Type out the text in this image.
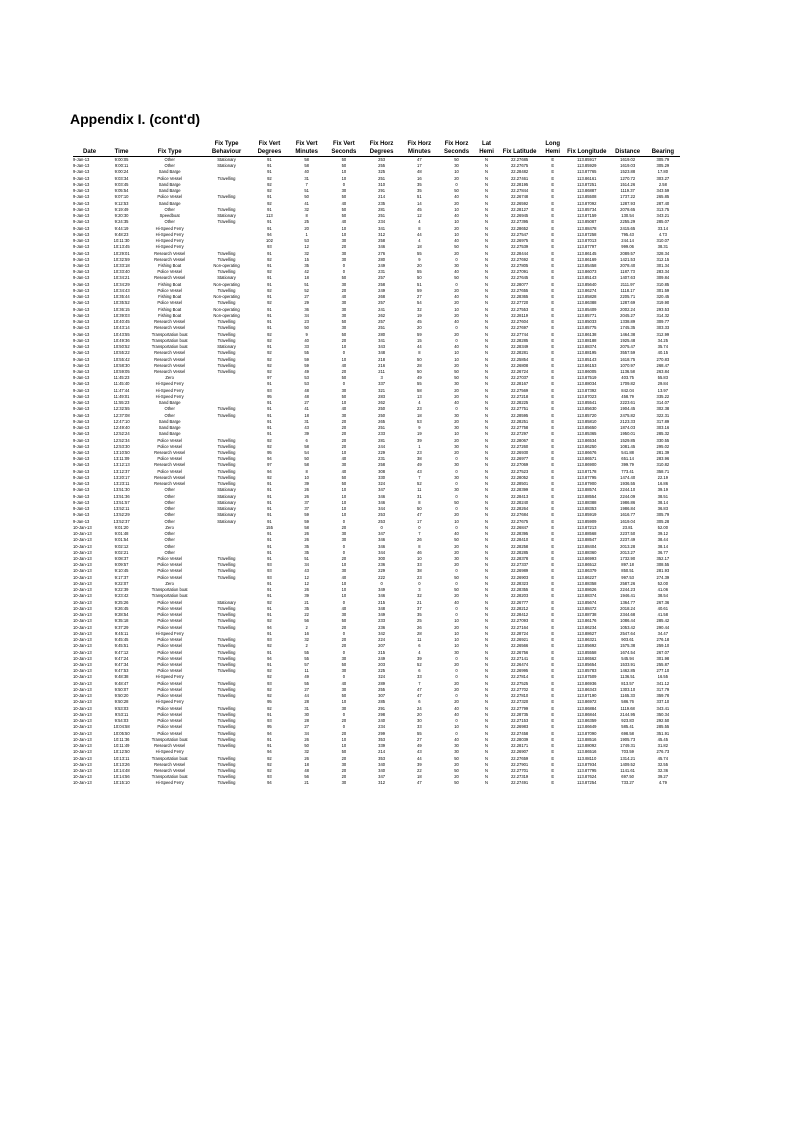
Appendix I. (cont'd)
Date	Time	Fix Type	Fix Type Behaviour	Fix Vert Degrees	Fix Vert Minutes	Fix Vert Seconds	Fix Horz Degrees	Fix Horz Minutes	Fix Horz Seconds	Lat Hemi	Fix Latitude	Long Hemi	Fix Longitude	Distance	Bearing
9-Jan-13	9:00:05	Other	Stationary	91	58	50	253	47	50	N	22.27685	E	113.85917	1619.02	305.79
9-Jan-13	9:00:11	Other	Stationary	91	58	50	255	17	30	N	22.27675	E	113.85929	1619.03	305.29
9-Jan-13	9:00:24	Sand Barge		91	40	10	325	48	10	N	22.28482	E	113.87765	1523.88	17.80
9-Jan-13	9:03:34	Police Vessel	Travelling	92	31	10	251	16	20	N	22.27461	E	113.86161	1270.72	303.27
9-Jan-13	9:03:45	Sand Barge		92	7	0	310	35	0	N	22.28195	E	113.87251	1514.26	2.58
9-Jan-13	9:05:54	Sand Barge		92	51	30	291	35	50	N	22.27844	E	113.86887	1119.37	343.59
9-Jan-13	9:07:10	Police Vessel	Travelling	91	50	50	214	51	40	N	22.26748	E	113.85508	1737.22	265.85
9-Jan-13	9:12:53	Sand Barge		92	41	40	235	14	20	N	22.26592	E	113.87092	1287.93	287.40
9-Jan-13	9:19:49	Other	Travelling	91	32	50	281	45	10	N	22.28127	E	113.85734	2078.65	313.75
9-Jan-13	9:20:30	Speedboat	Stationary	113	8	50	251	12	40	N	22.26945	E	113.87159	130.54	343.21
9-Jan-13	9:24:35	Other	Travelling	91	25	40	234	4	10	N	22.27395	E	113.85087	2255.29	285.07
9-Jan-13	9:44:19	Hi-Speed Ferry		91	20	10	341	8	20	N	22.28652	E	113.88478	2415.65	33.14
9-Jan-13	9:48:23	Hi-Speed Ferry		94	1	10	312	44	10	N	22.27547	E	113.87258	795.43	4.73
9-Jan-13	10:11:30	Hi-Speed Ferry		102	53	30	258	4	40	N	22.26975	E	113.87013	244.14	310.07
9-Jan-13	10:13:45	Hi-Speed Ferry		93	12	20	346	18	50	N	22.27539	E	113.87797	999.06	38.31
9-Jan-13	10:29:01	Research Vessel	Travelling	91	32	30	276	55	20	N	22.28444	E	113.86145	2089.57	328.34
9-Jan-13	10:32:59	Research Vessel	Travelling	92	15	30	280	9	0	N	22.27692	E	113.86169	1421.53	312.15
9-Jan-13	10:33:18	Fishing Boat	Non-operating	91	35	0	249	20	30	N	22.27805	E	113.85458	2078.40	301.34
9-Jan-13	10:33:40	Police Vessel	Travelling	92	42	0	231	55	40	N	22.27091	E	113.86073	1187.73	283.34
9-Jan-13	10:34:21	Research Vessel	Stationary	91	18	50	257	50	50	N	22.27645	E	113.85143	1407.63	309.84
9-Jan-13	10:34:29	Fishing Boat	Non-operating	91	51	30	258	51	0	N	22.28077	E	113.85640	2111.97	310.85
9-Jan-13	10:34:43	Police Vessel	Travelling	92	52	20	249	59	20	N	22.27655	E	113.86274	1118.17	301.59
9-Jan-13	10:35:44	Fishing Boat	Non-operating	91	27	40	268	27	40	N	22.28365	E	113.85828	2205.71	320.45
9-Jan-13	10:35:52	Police Vessel	Travelling	92	29	30	257	54	20	N	22.27720	E	113.86388	1287.69	319.90
9-Jan-13	10:36:15	Fishing Boat	Non-operating	91	36	30	241	32	10	N	22.27553	E	113.85409	2002.24	293.53
9-Jan-13	10:39:03	Fishing Boat	Non-operating	91	34	30	262	19	20	N	22.28119	E	113.85771	2045.27	314.32
9-Jan-13	10:40:45	Research Vessel	Travelling	91	23	50	257	45	40	N	22.27604	E	113.85033	1338.89	309.77
9-Jan-13	10:43:14	Research Vessel	Travelling	91	50	30	251	20	0	N	22.27697	E	113.85775	1745.35	303.33
9-Jan-13	10:43:55	Transportation boat	Travelling	92	9	50	280	59	20	N	22.27744	E	113.86138	1464.38	312.99
9-Jan-13	10:49:36	Transportation boat	Travelling	92	40	20	341	15	0	N	22.28285	E	113.88188	1925.48	34.25
9-Jan-13	10:50:52	Transportation boat	Stationary	91	33	10	343	44	40	N	22.28349	E	113.88374	2075.47	35.74
9-Jan-13	10:55:22	Research Vessel	Travelling	92	55	0	348	8	10	N	22.28281	E	113.88195	3557.59	40.15
9-Jan-13	10:55:42	Research Vessel	Travelling	92	59	10	218	50	10	N	22.25854	E	113.85143	1618.75	270.83
9-Jan-13	10:58:30	Research Vessel	Travelling	92	59	40	216	28	20	N	22.26808	E	113.86153	1070.97	268.47
9-Jan-13	10:59:05	Research Vessel	Travelling	92	49	20	211	50	50	N	22.26724	E	113.86005	1136.58	263.84
9-Jan-13	11:45:23	Zero		97	53	50	3	49	50	N	22.27037	E	113.87519	403.75	55.83
9-Jan-13	11:45:40	Hi-Speed Ferry		91	53	0	337	55	30	N	22.28167	E	113.88034	1709.82	29.84
9-Jan-13	11:47:44	Hi-Speed Ferry		93	48	30	321	58	20	N	22.27569	E	113.87392	842.04	13.97
9-Jan-13	11:49:01	Hi-Speed Ferry		95	48	50	283	13	20	N	22.27218	E	113.87023	458.79	335.22
9-Jan-13	11:55:23	Sand Barge		91	27	10	262	4	40	N	22.28225	E	113.85541	2223.61	314.07
9-Jan-13	12:32:55	Other	Travelling	91	41	40	250	23	0	N	22.27751	E	113.85630	1904.45	302.38
9-Jan-13	12:37:08	Other	Travelling	91	18	30	250	18	30	N	22.28595	E	113.85720	2475.82	322.31
9-Jan-13	12:47:10	Sand Barge		91	31	20	265	53	20	N	22.28251	E	113.85810	2123.33	317.89
9-Jan-13	12:49:40	Sand Barge		91	43	20	251	9	30	N	22.27758	E	113.85650	1874.03	303.16
9-Jan-13	12:52:24	Sand Barge		91	39	20	233	19	10	N	22.27297	E	113.85365	1950.01	285.32
9-Jan-13	12:52:34	Police Vessel	Travelling	92	6	20	281	39	20	N	22.28067	E	113.86534	1529.85	330.55
9-Jan-13	12:53:30	Police Vessel	Travelling	92	58	20	244	1	30	N	22.27260	E	113.86250	1081.45	295.02
9-Jan-13	13:10:50	Research Vessel	Travelling	95	54	10	229	23	20	N	22.26930	E	113.86676	541.88	281.39
9-Jan-13	13:11:09	Police Vessel	Travelling	94	50	40	231	38	0	N	22.26977	E	113.86571	651.14	283.96
9-Jan-13	13:12:13	Research Vessel	Travelling	97	58	30	258	49	30	N	22.27069	E	113.86900	399.79	310.82
9-Jan-13	13:12:37	Police Vessel	Travelling	94	8	40	308	43	0	N	22.27523	E	113.87178	773.41	358.71
9-Jan-13	13:20:17	Research Vessel	Travelling	92	10	50	330	7	30	N	22.28052	E	113.87795	1474.40	22.19
9-Jan-13	13:23:11	Research Vessel	Travelling	91	39	50	324	52	0	N	22.28501	E	113.87900	1936.55	16.86
9-Jan-13	13:51:30	Other	Stationary	91	26	10	347	11	30	N	22.28399	E	113.88574	2244.10	39.19
9-Jan-13	13:51:36	Other	Stationary	91	26	10	346	31	0	N	22.28413	E	113.88554	2244.09	38.51
9-Jan-13	13:51:57	Other	Stationary	91	37	10	346	8	50	N	22.28240	E	113.88388	1986.86	38.14
9-Jan-13	13:52:11	Other	Stationary	91	37	10	344	50	0	N	22.28264	E	113.88353	1986.84	36.83
9-Jan-13	13:52:29	Other	Stationary	91	59	10	253	47	20	N	22.27684	E	113.85919	1616.77	305.79
9-Jan-13	13:52:37	Other	Stationary	91	59	0	253	17	10	N	22.27675	E	113.85909	1619.04	305.28
10-Jan-13	9:01:20	Zero		155	58	20	0	0	0	N	22.26847	E	113.87213	23.81	52.00
10-Jan-13	9:01:48	Other		91	26	30	347	7	40	N	22.28395	E	113.88568	2237.50	39.12
10-Jan-13	9:01:54	Other		91	26	30	346	26	50	N	22.28410	E	113.88547	2237.49	38.44
10-Jan-13	9:02:12	Other		91	35	0	346	8	20	N	22.28258	E	113.88404	2013.28	38.14
10-Jan-13	9:02:21	Other		91	35	0	344	46	20	N	22.28285	E	113.88360	2013.27	36.77
10-Jan-13	9:08:37	Police Vessel	Travelling	91	51	20	300	10	30	N	22.28378	E	113.86993	1732.90	352.17
10-Jan-13	9:09:57	Police Vessel	Travelling	93	34	10	236	33	20	N	22.27337	E	113.86512	897.18	308.55
10-Jan-13	9:10:45	Police Vessel	Travelling	93	43	30	229	38	0	N	22.26989	E	113.86379	850.51	281.93
10-Jan-13	9:17:37	Police Vessel	Travelling	93	12	40	222	23	50	N	22.26903	E	113.86227	997.53	274.39
10-Jan-13	9:22:07	Zero		91	12	10	0	0	0	N	22.28323	E	113.88358	2587.26	52.00
10-Jan-13	9:22:39	Transportation boat		91	26	10	349	3	50	N	22.28355	E	113.88626	2244.23	41.06
10-Jan-13	9:23:42	Transportation boat		91	39	10	346	32	20	N	22.28203	E	113.88374	1946.41	38.54
10-Jan-13	9:25:26	Police Vessel	Stationary	92	21	0	215	21	40	N	22.26777	E	113.85674	1364.77	267.36
10-Jan-13	9:26:45	Police Vessel	Travelling	91	35	40	348	37	0	N	22.28212	E	113.88472	2018.24	40.61
10-Jan-13	9:28:54	Police Vessel	Travelling	91	22	30	349	35	0	N	22.28412	E	113.88738	2344.68	41.58
10-Jan-13	9:35:18	Police Vessel	Travelling	92	56	50	233	25	10	N	22.27093	E	113.86176	1086.44	285.42
10-Jan-13	9:37:29	Police Vessel	Travelling	94	2	20	236	26	20	N	22.27164	E	113.86234	1053.42	290.44
10-Jan-13	9:45:11	Hi-Speed Ferry		91	16	0	342	28	10	N	22.28724	E	113.88627	2547.64	34.47
10-Jan-13	9:45:45	Police Vessel	Travelling	93	32	20	224	11	10	N	22.26921	E	113.86321	903.61	276.18
10-Jan-13	9:45:51	Police Vessel	Travelling	92	2	20	207	6	10	N	22.26566	E	113.85692	1575.38	259.10
10-Jan-13	9:47:12	Police Vessel	Travelling	91	55	0	215	4	30	N	22.26756	E	113.85558	1674.54	267.07
10-Jan-13	9:47:24	Police Vessel	Travelling	94	55	30	249	39	0	N	22.27141	E	113.86562	545.94	301.98
10-Jan-13	9:47:34	Police Vessel	Travelling	91	57	50	203	52	20	N	22.26474	E	113.85654	1533.91	255.87
10-Jan-13	9:47:53	Police Vessel	Travelling	92	11	30	225	6	0	N	22.26995	E	113.85783	1462.85	277.10
10-Jan-13	9:48:38	Hi-Speed Ferry		92	49	0	324	33	0	N	22.27814	E	113.87509	1136.51	16.55
10-Jan-13	9:48:47	Police Vessel	Travelling	93	55	40	289	7	20	N	22.27525	E	113.86936	813.57	341.12
10-Jan-13	9:50:07	Police Vessel	Travelling	92	27	30	255	47	20	N	22.27702	E	113.86343	1303.10	317.79
10-Jan-13	9:50:20	Police Vessel	Travelling	92	44	50	307	47	0	N	22.27810	E	113.87190	1165.33	359.78
10-Jan-13	9:50:28	Hi-Speed Ferry		95	28	10	285	6	20	N	22.27320	E	113.86972	586.76	337.10
10-Jan-13	9:53:03	Police Vessel	Travelling	92	31	30	291	24	40	N	22.27799	E	113.86884	1119.68	343.41
10-Jan-13	9:53:11	Police Vessel	Travelling	91	30	0	298	20	40	N	22.28735	E	113.86844	2144.95	350.34
10-Jan-13	9:54:03	Police Vessel	Travelling	93	28	20	240	30	0	N	22.27153	E	113.86359	923.83	292.50
10-Jan-13	10:04:58	Police Vessel	Travelling	95	27	0	234	33	10	N	22.26983	E	113.86649	585.41	285.55
10-Jan-13	10:05:50	Police Vessel	Travelling	94	34	20	299	55	0	N	22.27458	E	113.87090	698.58	351.91
10-Jan-13	10:11:36	Transportation boat	Travelling	91	26	10	353	27	40	N	22.28039	E	113.88516	1905.73	45.45
10-Jan-13	10:11:49	Research Vessel	Travelling	91	50	10	339	49	30	N	22.28171	E	113.88092	1749.31	31.82
10-Jan-13	10:12:50	Hi-Speed Ferry		94	32	50	214	43	30	N	22.26907	E	113.86516	703.59	276.73
10-Jan-13	10:13:11	Transportation boat	Travelling	92	26	20	353	44	50	N	22.27659	E	113.88110	1314.21	45.74
10-Jan-13	10:13:26	Research Vessel	Travelling	92	18	30	340	39	20	N	22.27901	E	113.87934	1409.52	32.55
10-Jan-13	10:14:48	Research Vessel	Travelling	92	48	20	340	22	50	N	22.27701	E	113.87795	1141.61	32.36
10-Jan-13	10:14:56	Transportation boat	Travelling	93	56	20	347	18	20	N	22.27319	E	113.87624	697.50	39.27
10-Jan-13	10:15:10	Hi-Speed Ferry	Travelling	94	21	30	312	47	50	N	22.27491	E	113.87254	733.27	4.79
